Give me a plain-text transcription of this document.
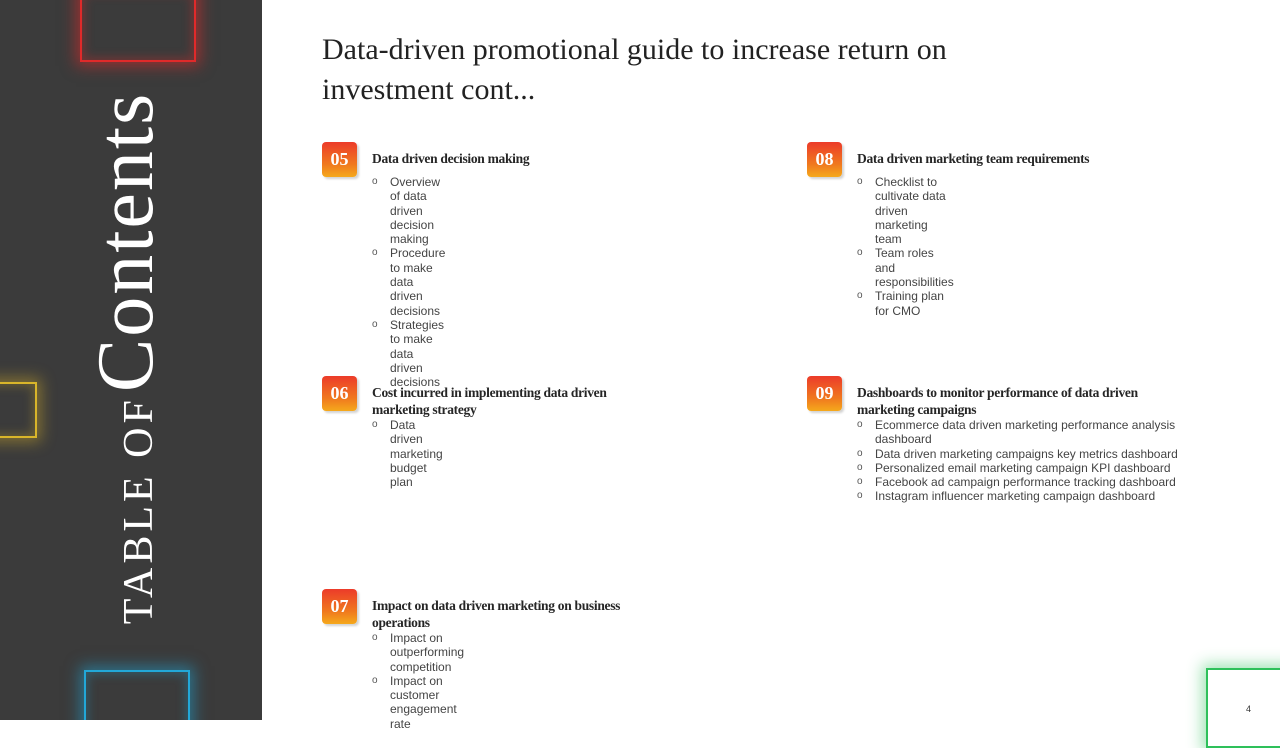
TABLE OF Contents
Data-driven promotional guide to increase return on investment cont...
05	Data driven decision making
o Overview of data driven decision making
o Procedure to make data driven decisions
o Strategies to make data driven decisions
06	Cost incurred in implementing data driven marketing strategy
o Data driven marketing budget plan
07	Impact on data driven marketing on business operations
o Impact on outperforming competition
o Impact on customer engagement rate
08	Data driven marketing team requirements
o Checklist to cultivate data driven marketing team
o Team roles and responsibilities
o Training plan for CMO
09	Dashboards to monitor performance of data driven marketing campaigns
o Ecommerce data driven marketing performance analysis dashboard
o Data driven marketing campaigns key metrics dashboard
o Personalized email marketing campaign KPI dashboard
o Facebook ad campaign performance tracking dashboard
o Instagram influencer marketing campaign dashboard
4
